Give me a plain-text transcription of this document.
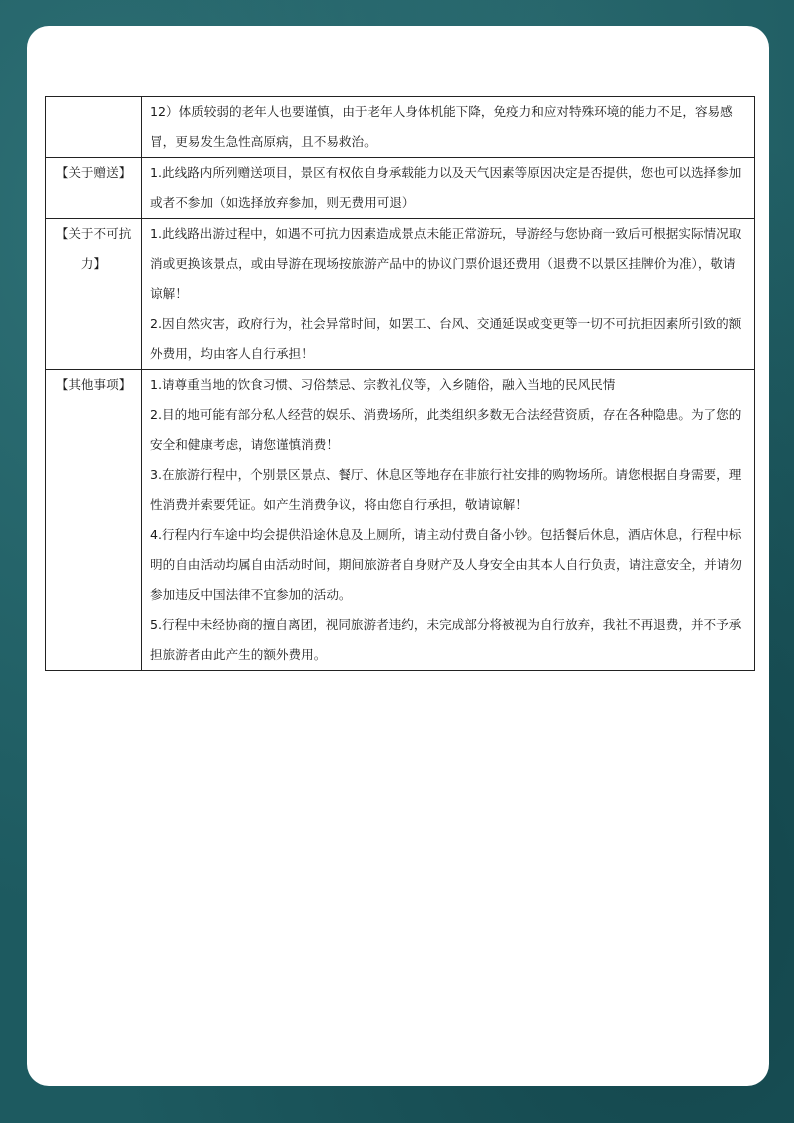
	12）体质较弱的老年人也要谨慎，由于老年人身体机能下降，免疫力和应对特殊环境的能力不足，容易感冒，更易发生急性高原病，且不易救治。

【关于赠送】	1.此线路内所列赠送项目，景区有权依自身承载能力以及天气因素等原因决定是否提供，您也可以选择参加或者不参加（如选择放弃参加，则无费用可退）

【关于不可抗力】	1.此线路出游过程中，如遇不可抗力因素造成景点未能正常游玩，导游经与您协商一致后可根据实际情况取消或更换该景点，或由导游在现场按旅游产品中的协议门票价退还费用（退费不以景区挂牌价为准），敬请谅解！

2.因自然灾害，政府行为，社会异常时间，如罢工、台风、交通延误或变更等一切不可抗拒因素所引致的额外费用，均由客人自行承担！

【其他事项】	1.请尊重当地的饮食习惯、习俗禁忌、宗教礼仪等，入乡随俗，融入当地的民风民情

2.目的地可能有部分私人经营的娱乐、消费场所，此类组织多数无合法经营资质，存在各种隐患。为了您的安全和健康考虑，请您谨慎消费！

3.在旅游行程中，个别景区景点、餐厅、休息区等地存在非旅行社安排的购物场所。请您根据自身需要，理性消费并索要凭证。如产生消费争议，将由您自行承担，敬请谅解！

4.行程内行车途中均会提供沿途休息及上厕所，请主动付费自备小钞。包括餐后休息，酒店休息，行程中标明的自由活动均属自由活动时间，期间旅游者自身财产及人身安全由其本人自行负责，请注意安全，并请勿参加违反中国法律不宜参加的活动。

5.行程中未经协商的擅自离团，视同旅游者违约，未完成部分将被视为自行放弃，我社不再退费，并不予承担旅游者由此产生的额外费用。
